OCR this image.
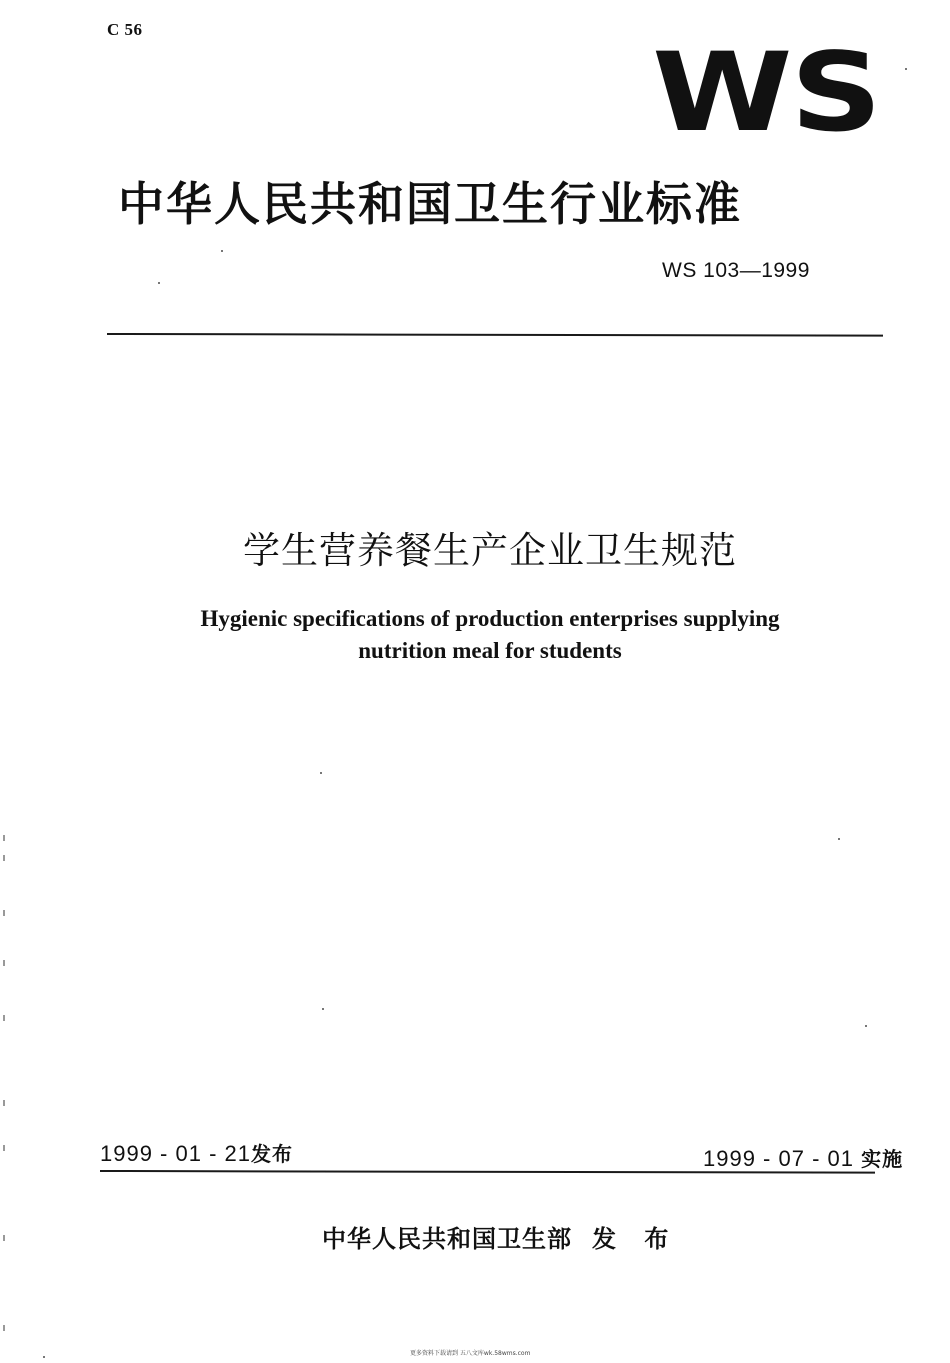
C 56	WS
中华人民共和国卫生行业标准
WS 103—1999
学生营养餐生产企业卫生规范
Hygienic specifications of production enterprises supplying
nutrition meal for students
1999 - 01 - 21发布	1999 - 07 - 01 实施
中华人民共和国卫生部 发 布
更多资料下载请到 五八文库wk.58wms.com
